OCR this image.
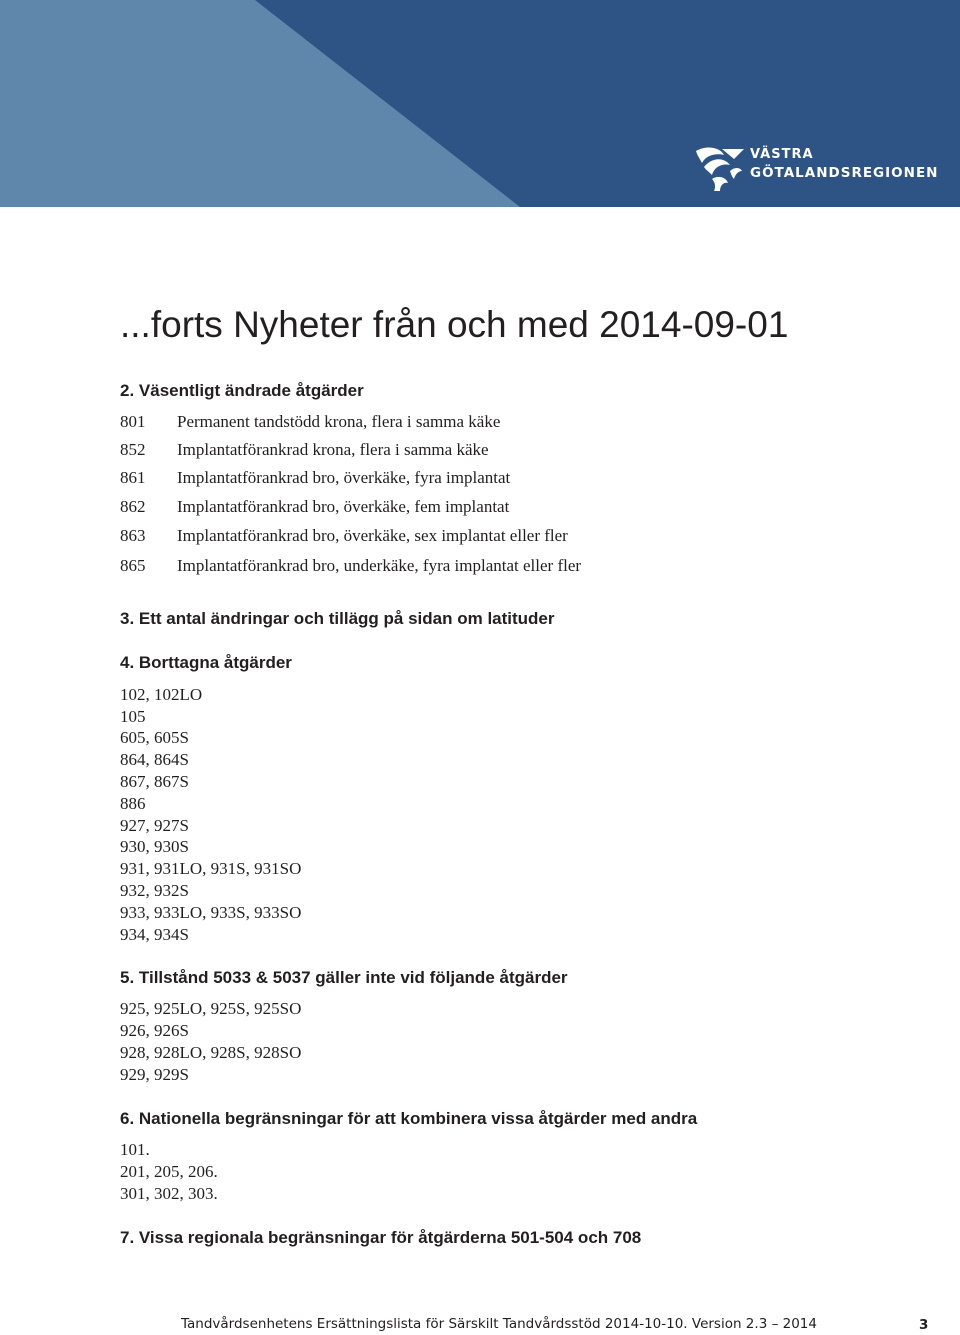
VÄSTRA
GÖTALANDSREGIONEN
...forts Nyheter från och med 2014-09-01
2. Väsentligt ändrade åtgärder
801 Permanent tandstödd krona, flera i samma käke
852 Implantatförankrad krona, flera i samma käke
861 Implantatförankrad bro, överkäke, fyra implantat
862 Implantatförankrad bro, överkäke, fem implantat
863 Implantatförankrad bro, överkäke, sex implantat eller fler
865 Implantatförankrad bro, underkäke, fyra implantat eller fler
3. Ett antal ändringar och tillägg på sidan om latituder
4. Borttagna åtgärder
102, 102LO
105
605, 605S
864, 864S
867, 867S
886
927, 927S
930, 930S
931, 931LO, 931S, 931SO
932, 932S
933, 933LO, 933S, 933SO
934, 934S
5. Tillstånd 5033 & 5037 gäller inte vid följande åtgärder
925, 925LO, 925S, 925SO
926, 926S
928, 928LO, 928S, 928SO
929, 929S
6. Nationella begränsningar för att kombinera vissa åtgärder med andra
101.
201, 205, 206.
301, 302, 303.
7. Vissa regionala begränsningar för åtgärderna 501-504 och 708
Tandvårdsenhetens Ersättningslista för Särskilt Tandvårdsstöd 2014-10-10. Version 2.3 – 2014	3
